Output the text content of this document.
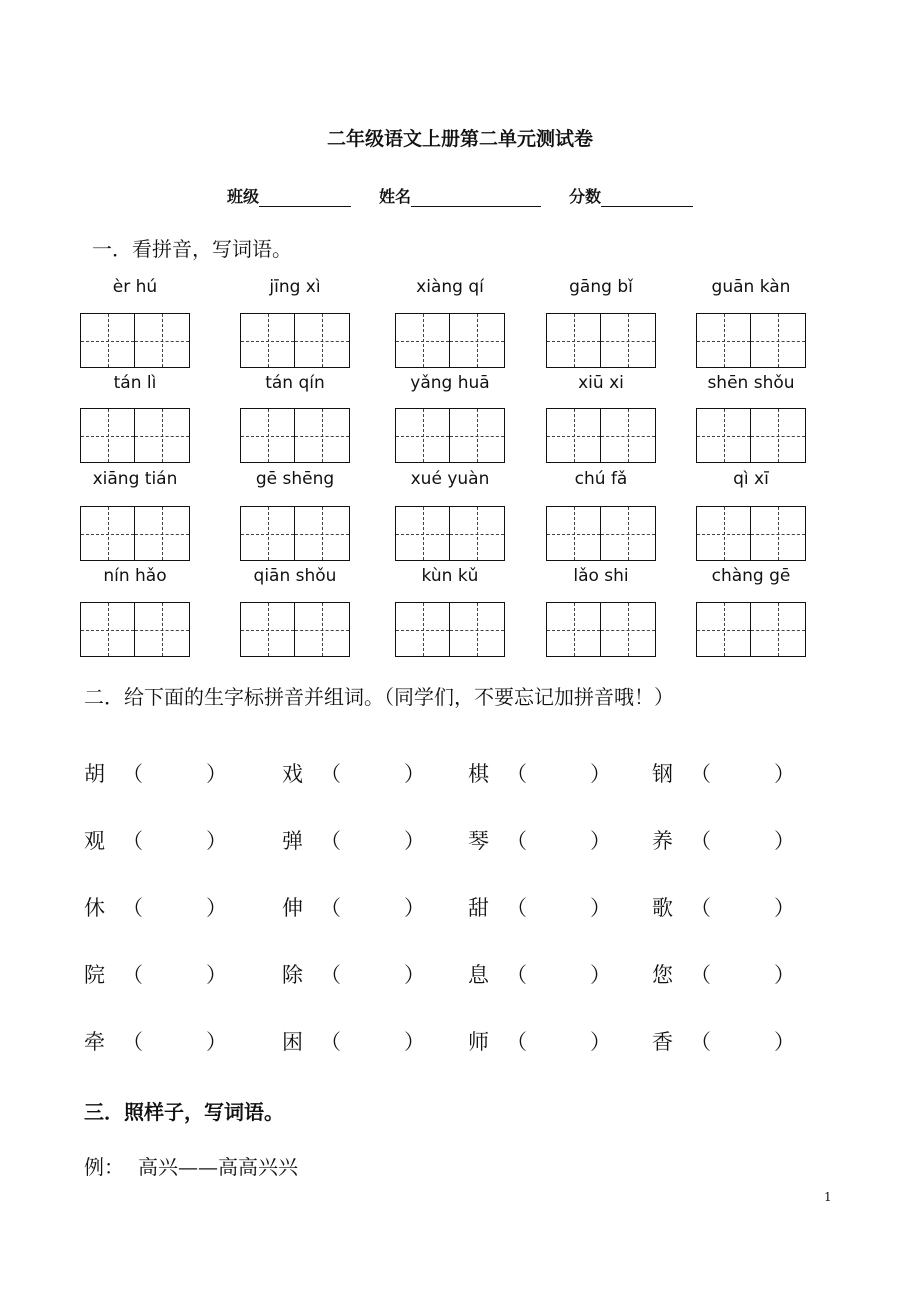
二年级语文上册第二单元测试卷
班级	姓名	分数
一．看拼音，写词语。
èr hú	jīng xì	xiàng qí	gāng bǐ	guān kàn
tán lì	tán qín	yǎng huā	xiū xi	shēn shǒu
xiāng tián	gē shēng	xué yuàn	chú fǎ	qì xī
nín hǎo	qiān shǒu	kùn kǔ	lǎo shi	chàng gē
二．给下面的生字标拼音并组词。（同学们，不要忘记加拼音哦！）
胡 （	）	戏 （	） 棋 （	） 钢 （	）
观 （	）	弹 （	） 琴 （	） 养 （	）
休 （	）	伸 （	） 甜 （	） 歌 （	）
院 （	）	除 （	） 息 （	） 您 （	）
牵 （	）	困 （	） 师 （	） 香 （	）
三．照样子，写词语。
例： 高兴——高高兴兴
1
